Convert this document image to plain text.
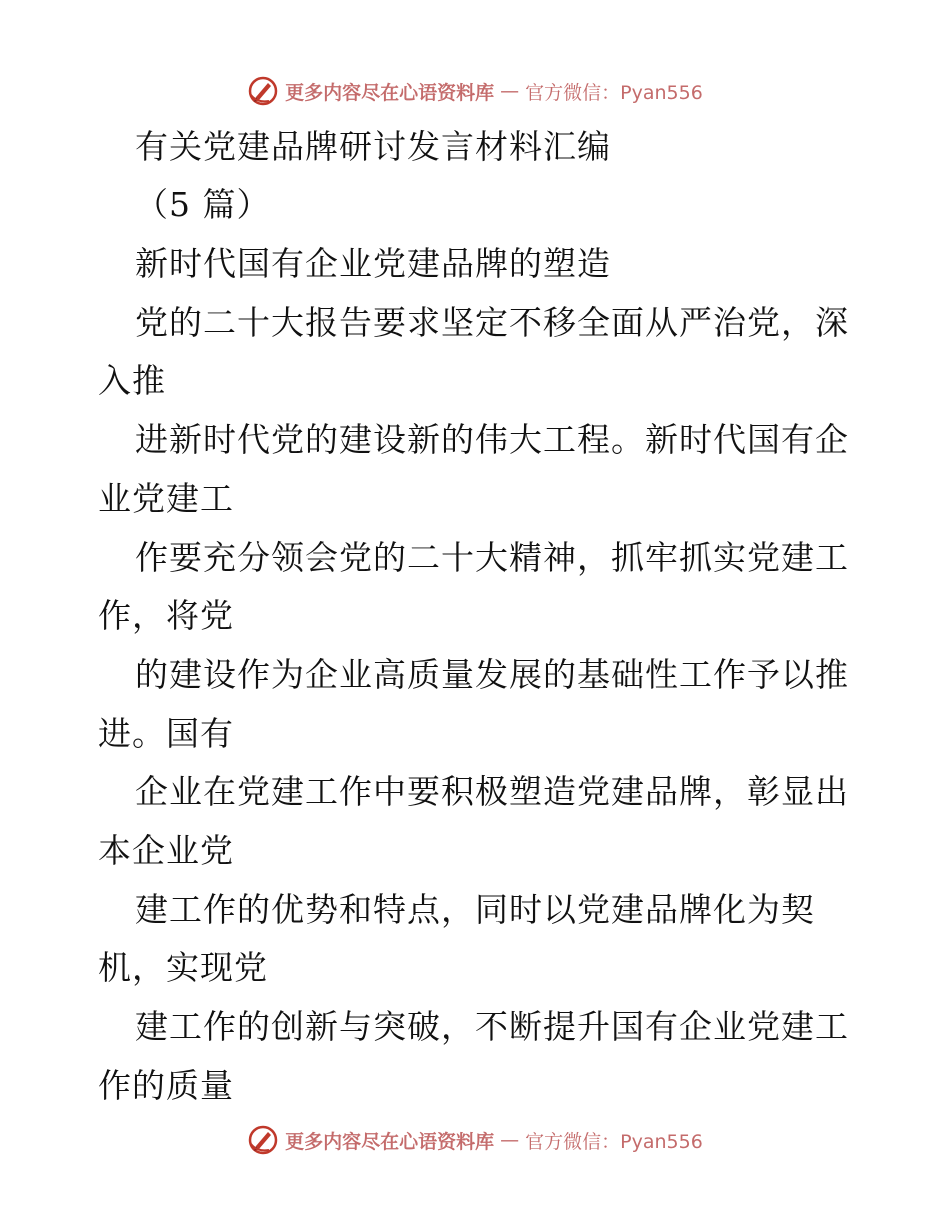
更多内容尽在心语资料库 — 官方微信：Pyan556
有关党建品牌研讨发言材料汇编
（5 篇）
新时代国有企业党建品牌的塑造
党的二十大报告要求坚定不移全面从严治党，深
入推
进新时代党的建设新的伟大工程。新时代国有企
业党建工
作要充分领会党的二十大精神，抓牢抓实党建工
作，将党
的建设作为企业高质量发展的基础性工作予以推
进。国有
企业在党建工作中要积极塑造党建品牌，彰显出
本企业党
建工作的优势和特点，同时以党建品牌化为契
机，实现党
建工作的创新与突破，不断提升国有企业党建工
作的质量
更多内容尽在心语资料库 — 官方微信：Pyan556
